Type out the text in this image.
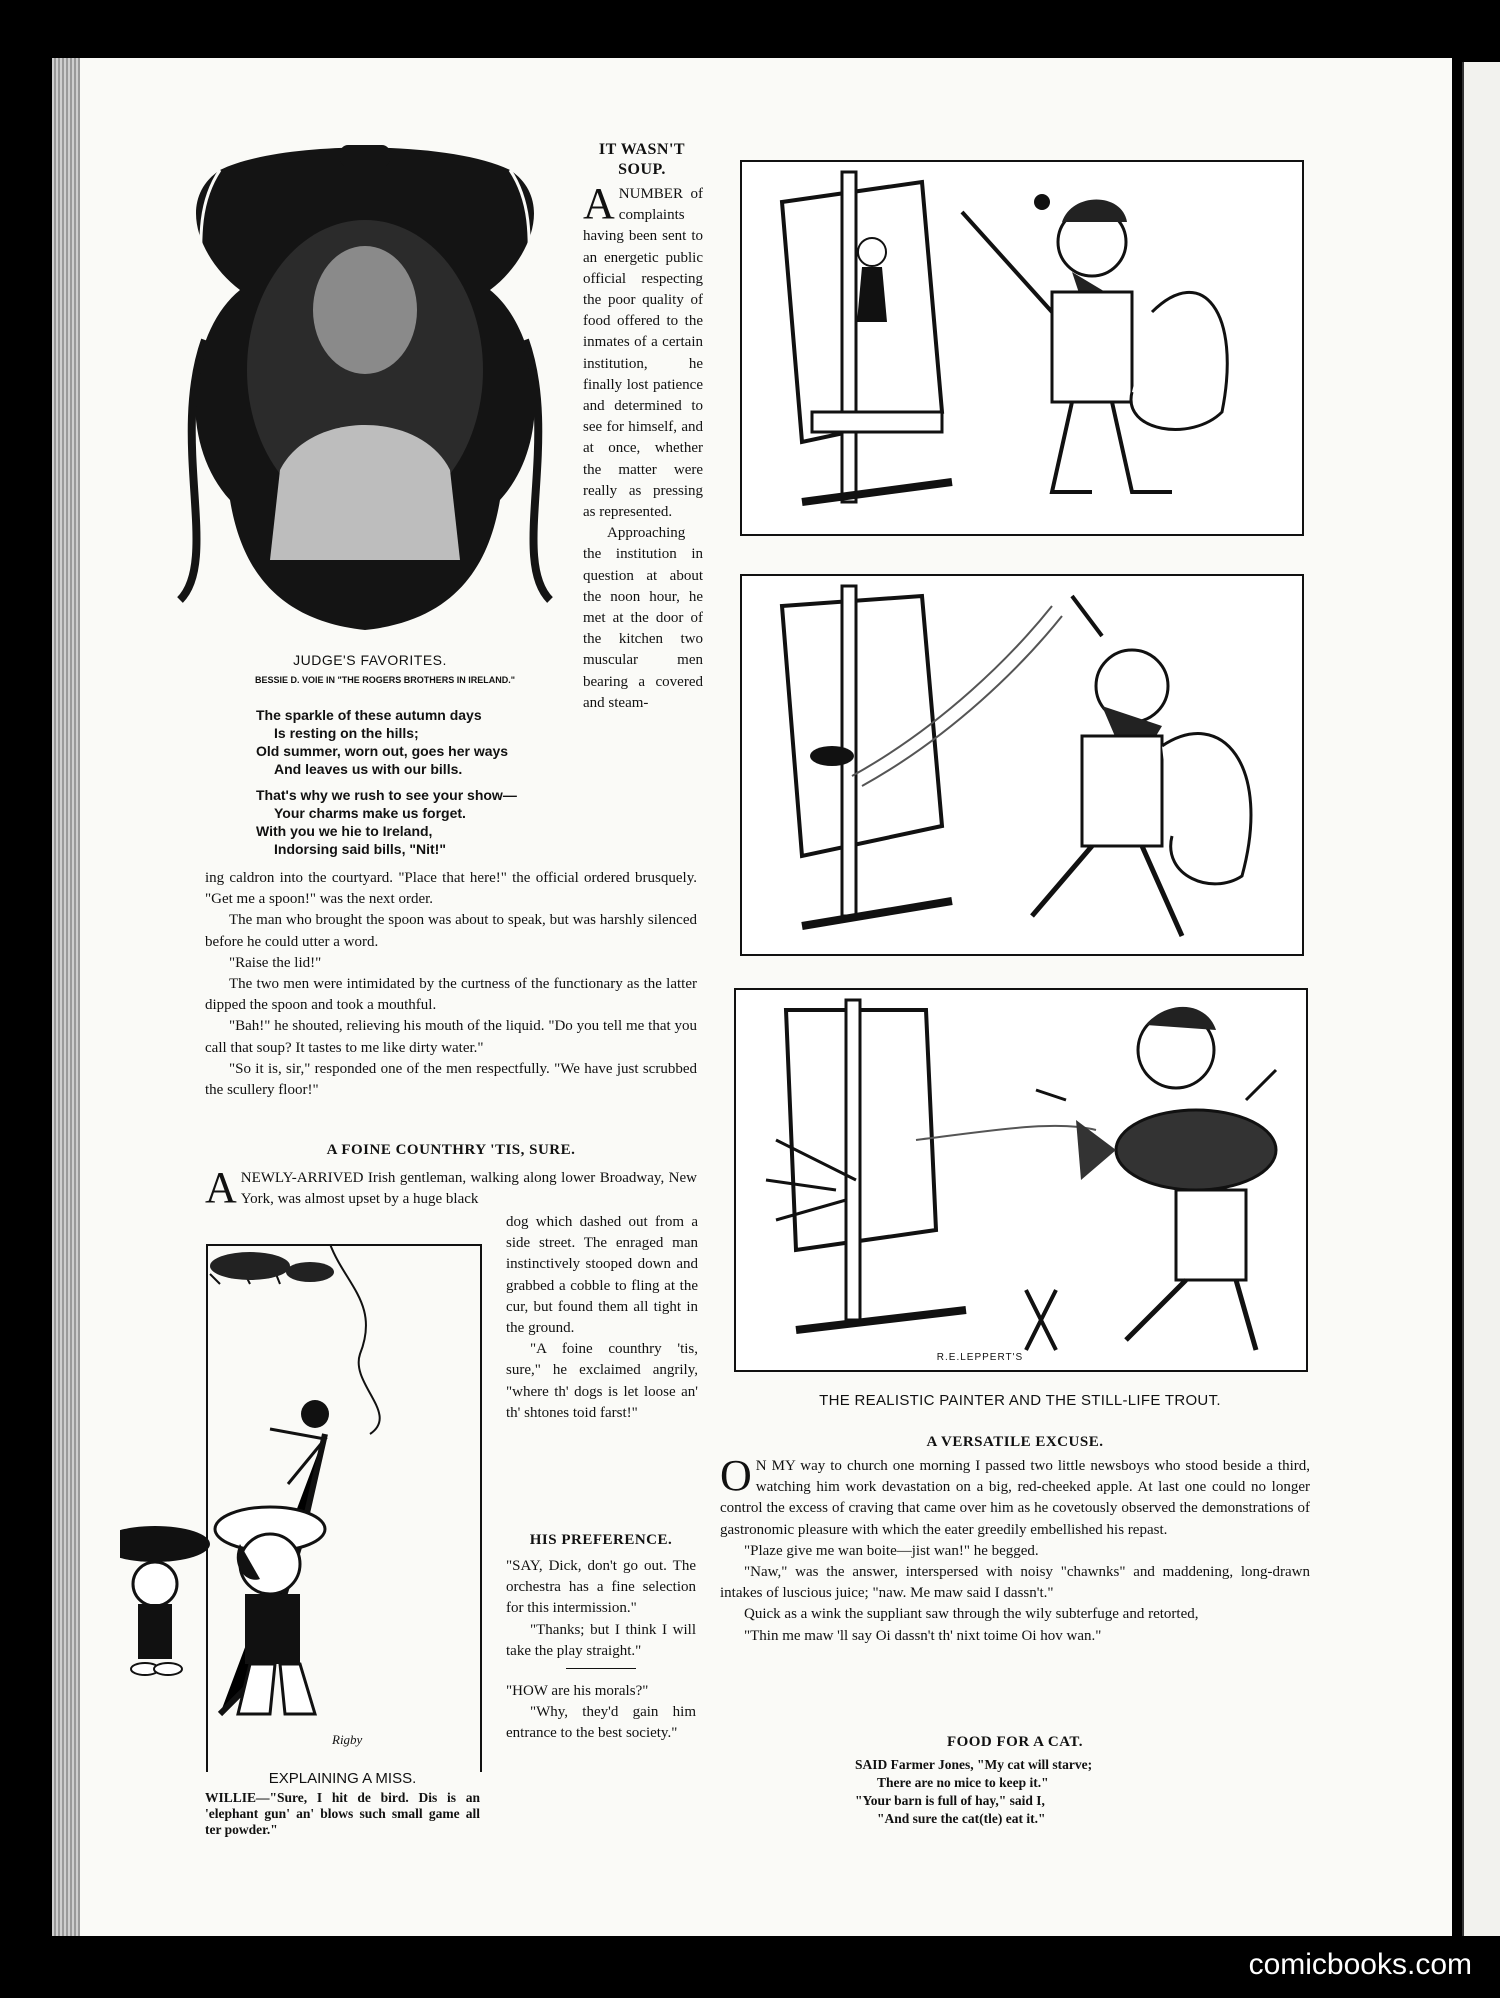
JUDGE'S FAVORITES.
BESSIE D. VOIE IN "THE ROGERS BROTHERS IN IRELAND."
The sparkle of these autumn days
Is resting on the hills;
Old summer, worn out, goes her ways
And leaves us with our bills.
That's why we rush to see your show—
Your charms make us forget.
With you we hie to Ireland,
Indorsing said bills, "Nit!"
IT WASN'T
SOUP.

ANUMBER of complaints having been sent to an energetic public official respecting the poor quality of food offered to the inmates of a certain institution, he finally lost patience and determined to see for himself, and at once, whether the matter were really as pressing as represented.

Approaching the institution in question at about the noon hour, he met at the door of the kitchen two muscular men bearing a covered and steam-

ing caldron into the courtyard. "Place that here!" the official ordered brusquely. "Get me a spoon!" was the next order.

The man who brought the spoon was about to speak, but was harshly silenced before he could utter a word.

"Raise the lid!"

The two men were intimidated by the curtness of the functionary as the latter dipped the spoon and took a mouthful.

"Bah!" he shouted, relieving his mouth of the liquid. "Do you tell me that you call that soup? It tastes to me like dirty water."

"So it is, sir," responded one of the men respectfully. "We have just scrubbed the scullery floor!"

A FOINE COUNTHRY 'TIS, SURE.

ANEWLY-ARRIVED Irish gentleman, walking along lower Broadway, New York, was almost upset by a huge black

dog which dashed out from a side street. The enraged man instinctively stooped down and grabbed a cobble to fling at the cur, but found them all tight in the ground.

"A foine counthry 'tis, sure," he exclaimed angrily, "where th' dogs is let loose an' th' shtones toid farst!"

Rigby
EXPLAINING A MISS.
WILLIE—"Sure, I hit de bird. Dis is an 'elephant gun' an' blows such small game all ter powder."
HIS PREFERENCE.

"SAY, Dick, don't go out. The orchestra has a fine selection for this intermission."

"Thanks; but I think I will take the play straight."

"HOW are his morals?"

"Why, they'd gain him entrance to the best society."

R.E.LEPPERT'S
THE REALISTIC PAINTER AND THE STILL-LIFE TROUT.
A VERSATILE EXCUSE.

O N MY way to church one morning I passed two little newsboys who stood beside a third, watching him work devastation on a big, red-cheeked apple. At last one could no longer control the excess of craving that came over him as he covetously observed the demonstrations of gastronomic pleasure with which the eater greedily embellished his repast.

"Plaze give me wan boite—jist wan!" he begged.

"Naw," was the answer, interspersed with noisy "chawnks" and maddening, long-drawn intakes of luscious juice; "naw. Me maw said I dassn't."

Quick as a wink the suppliant saw through the wily subterfuge and retorted,

"Thin me maw 'll say Oi dassn't th' nixt toime Oi hov wan."

FOOD FOR A CAT.
SAID Farmer Jones, "My cat will starve;
There are no mice to keep it."
"Your barn is full of hay," said I,
"And sure the cat(tle) eat it."
comicbooks.com
